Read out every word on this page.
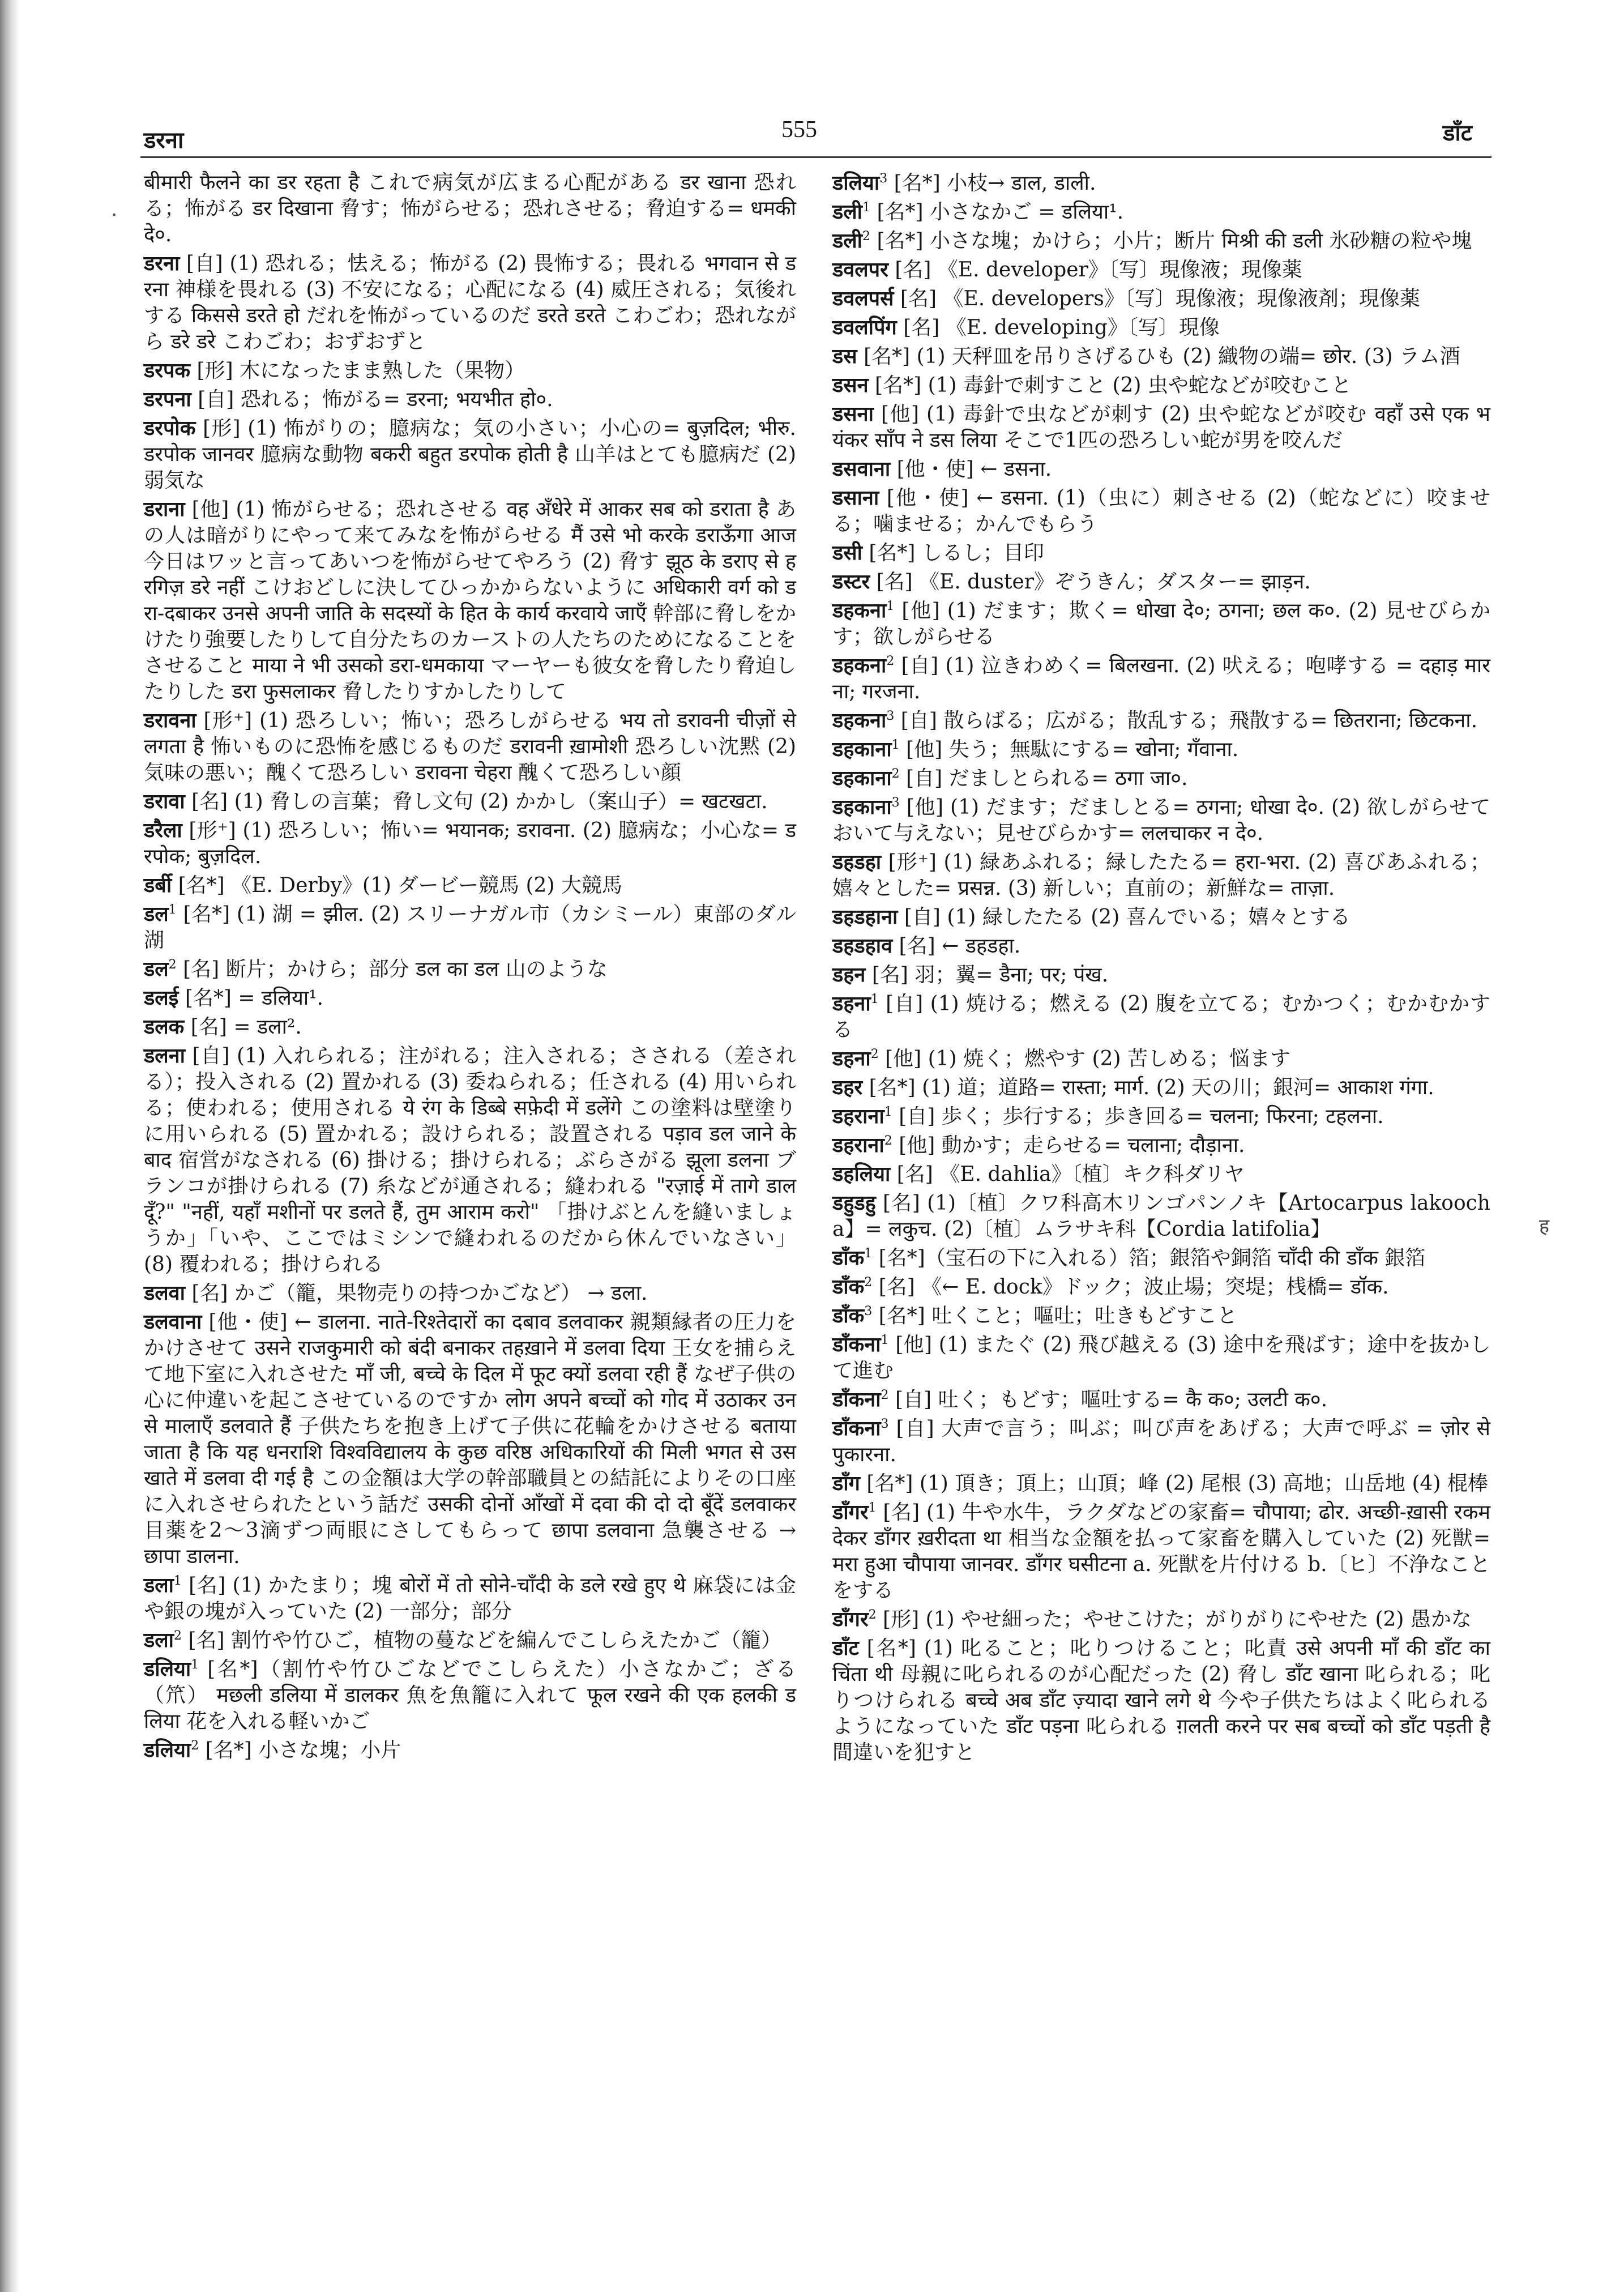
डरना	555	डाँट
·
ह

बीमारी फैलने का डर रहता है これで病気が広まる心配がある डर खाना 恐れる；怖がる डर दिखाना 脅す；怖がらせる；恐れさせる；脅迫する= धमकी दे०.

डरना [自] (1) 恐れる；怯える；怖がる (2) 畏怖する；畏れる भगवान से डरना 神様を畏れる (3) 不安になる；心配になる (4) 威圧される；気後れする किससे डरते हो だれを怖がっているのだ डरते डरते こわごわ；恐れながら डरे डरे こわごわ；おずおずと

डरपक [形] 木になったまま熟した（果物）

डरपना [自] 恐れる；怖がる= डरना; भयभीत हो०.

डरपोक [形] (1) 怖がりの；臆病な；気の小さい；小心の= बुज़दिल; भीरु. डरपोक जानवर 臆病な動物 बकरी बहुत डरपोक होती है 山羊はとても臆病だ (2) 弱気な

डराना [他] (1) 怖がらせる；恐れさせる वह अँधेरे में आकर सब को डराता है あの人は暗がりにやって来てみなを怖がらせる मैं उसे भो करके डराऊँगा आज 今日はワッと言ってあいつを怖がらせてやろう (2) 脅す झूठ के डराए से हरगिज़ डरे नहीं こけおどしに決してひっかからないように अधिकारी वर्ग को डरा-दबाकर उनसे अपनी जाति के सदस्यों के हित के कार्य करवाये जाएँ 幹部に脅しをかけたり強要したりして自分たちのカーストの人たちのためになることをさせること माया ने भी उसको डरा-धमकाया マーヤーも彼女を脅したり脅迫したりした डरा फुसलाकर 脅したりすかしたりして

डरावना [形⁺] (1) 恐ろしい；怖い；恐ろしがらせる भय तो डरावनी चीज़ों से लगता है 怖いものに恐怖を感じるものだ डरावनी ख़ामोशी 恐ろしい沈黙 (2) 気味の悪い；醜くて恐ろしい डरावना चेहरा 醜くて恐ろしい顔

डरावा [名] (1) 脅しの言葉；脅し文句 (2) かかし（案山子）= खटखटा.

डरैला [形⁺] (1) 恐ろしい；怖い= भयानक; डरावना. (2) 臆病な；小心な= डरपोक; बुज़दिल.

डर्बी [名*] 《E. Derby》(1) ダービー競馬 (2) 大競馬

डल$^1$ [名*] (1) 湖 = झील. (2) スリーナガル市（カシミール）東部のダル湖

डल$^2$ [名] 断片；かけら；部分 डल का डल 山のような

डलई [名*] = डलिया¹.

डलक [名] = डला².

डलना [自] (1) 入れられる；注がれる；注入される；さされる（差される）；投入される (2) 置かれる (3) 委ねられる；任される (4) 用いられる；使われる；使用される ये रंग के डिब्बे सफ़ेदी में डलेंगे この塗料は壁塗りに用いられる (5) 置かれる；設けられる；設置される पड़ाव डल जाने के बाद 宿営がなされる (6) 掛ける；掛けられる；ぶらさがる झूला डलना ブランコが掛けられる (7) 糸などが通される；縫われる "रज़ाई में तागे डाल दूँ?" "नहीं, यहाँ मशीनों पर डलते हैं, तुम आराम करो" 「掛けぶとんを縫いましょうか」「いや、ここではミシンで縫われるのだから休んでいなさい」 (8) 覆われる；掛けられる

डलवा [名] かご（籠，果物売りの持つかごなど） → डला.

डलवाना [他・使] ← डालना. नाते-रिश्तेदारों का दबाव डलवाकर 親類縁者の圧力をかけさせて उसने राजकुमारी को बंदी बनाकर तहख़ाने में डलवा दिया 王女を捕らえて地下室に入れさせた माँ जी, बच्चे के दिल में फूट क्यों डलवा रही हैं なぜ子供の心に仲違いを起こさせているのですか लोग अपने बच्चों को गोद में उठाकर उनसे मालाएँ डलवाते हैं 子供たちを抱き上げて子供に花輪をかけさせる बताया जाता है कि यह धनराशि विश्वविद्यालय के कुछ वरिष्ठ अधिकारियों की मिली भगत से उस खाते में डलवा दी गई है この金額は大学の幹部職員との結託によりその口座に入れさせられたという話だ उसकी दोनों आँखों में दवा की दो दो बूँदें डलवाकर 目薬を2〜3滴ずつ両眼にさしてもらって छापा डलवाना 急襲させる → छापा डालना.

डला$^1$ [名] (1) かたまり；塊 बोरों में तो सोने-चाँदी के डले रखे हुए थे 麻袋には金や銀の塊が入っていた (2) 一部分；部分

डला$^2$ [名] 割竹や竹ひご，植物の蔓などを編んでこしらえたかご（籠）

डलिया$^1$ [名*]（割竹や竹ひごなどでこしらえた）小さなかご；ざる（笊） मछली डलिया में डालकर 魚を魚籠に入れて फूल रखने की एक हलकी डलिया 花を入れる軽いかご

डलिया$^2$ [名*] 小さな塊；小片

डलिया$^3$ [名*] 小枝→ डाल, डाली.

डली$^1$ [名*] 小さなかご = डलिया¹.

डली$^2$ [名*] 小さな塊；かけら；小片；断片 मिश्री की डली 氷砂糖の粒や塊

डवलपर [名] 《E. developer》〔写〕現像液；現像薬

डवलपर्स [名] 《E. developers》〔写〕現像液；現像液剤；現像薬

डवलपिंग [名] 《E. developing》〔写〕現像

डस [名*] (1) 天秤皿を吊りさげるひも (2) 織物の端= छोर. (3) ラム酒

डसन [名*] (1) 毒針で刺すこと (2) 虫や蛇などが咬むこと

डसना [他] (1) 毒針で虫などが刺す (2) 虫や蛇などが咬む वहाँ उसे एक भयंकर साँप ने डस लिया そこで1匹の恐ろしい蛇が男を咬んだ

डसवाना [他・使] ← डसना.

डसाना [他・使] ← डसना. (1)（虫に）刺させる (2)（蛇などに）咬ませる；噛ませる；かんでもらう

डसी [名*] しるし；目印

डस्टर [名] 《E. duster》ぞうきん；ダスター= झाड़न.

डहकना$^1$ [他] (1) だます；欺く= धोखा दे०; ठगना; छल क०. (2) 見せびらかす；欲しがらせる

डहकना$^2$ [自] (1) 泣きわめく= बिलखना. (2) 吠える；咆哮する = दहाड़ मारना; गरजना.

डहकना$^3$ [自] 散らばる；広がる；散乱する；飛散する= छितराना; छिटकना.

डहकाना$^1$ [他] 失う；無駄にする= खोना; गँवाना.

डहकाना$^2$ [自] だましとられる= ठगा जा०.

डहकाना$^3$ [他] (1) だます；だましとる= ठगना; धोखा दे०. (2) 欲しがらせておいて与えない；見せびらかす= ललचाकर न दे०.

डहडहा [形⁺] (1) 緑あふれる；緑したたる= हरा-भरा. (2) 喜びあふれる；嬉々とした= प्रसन्न. (3) 新しい；直前の；新鮮な= ताज़ा.

डहडहाना [自] (1) 緑したたる (2) 喜んでいる；嬉々とする

डहडहाव [名] ← डहडहा.

डहन [名] 羽；翼= डैना; पर; पंख.

डहना$^1$ [自] (1) 焼ける；燃える (2) 腹を立てる；むかつく；むかむかする

डहना$^2$ [他] (1) 焼く；燃やす (2) 苦しめる；悩ます

डहर [名*] (1) 道；道路= रास्ता; मार्ग. (2) 天の川；銀河= आकाश गंगा.

डहराना$^1$ [自] 歩く；歩行する；歩き回る= चलना; फिरना; टहलना.

डहराना$^2$ [他] 動かす；走らせる= चलाना; दौड़ाना.

डहलिया [名] 《E. dahlia》〔植〕キク科ダリヤ

डहुडहु [名] (1)〔植〕クワ科高木リンゴパンノキ【Artocarpus lakoocha】= लकुच. (2)〔植〕ムラサキ科【Cordia latifolia】

डाँक$^1$ [名*]（宝石の下に入れる）箔；銀箔や銅箔 चाँदी की डाँक 銀箔

डाँक$^2$ [名] 《← E. dock》ドック；波止場；突堤；桟橋= डॉक.

डाँक$^3$ [名*] 吐くこと；嘔吐；吐きもどすこと

डाँकना$^1$ [他] (1) またぐ (2) 飛び越える (3) 途中を飛ばす；途中を抜かして進む

डाँकना$^2$ [自] 吐く；もどす；嘔吐する= कै क०; उलटी क०.

डाँकना$^3$ [自] 大声で言う；叫ぶ；叫び声をあげる；大声で呼ぶ = ज़ोर से पुकारना.

डाँग [名*] (1) 頂き；頂上；山頂；峰 (2) 尾根 (3) 高地；山岳地 (4) 棍棒

डाँगर$^1$ [名] (1) 牛や水牛，ラクダなどの家畜= चौपाया; ढोर. अच्छी-ख़ासी रकम देकर डाँगर ख़रीदता था 相当な金額を払って家畜を購入していた (2) 死獣= मरा हुआ चौपाया जानवर. डाँगर घसीटना a. 死獣を片付ける b.〔ヒ〕不浄なことをする

डाँगर$^2$ [形] (1) やせ細った；やせこけた；がりがりにやせた (2) 愚かな

डाँट [名*] (1) 叱ること；叱りつけること；叱責 उसे अपनी माँ की डाँट का चिंता थी 母親に叱られるのが心配だった (2) 脅し डाँट खाना 叱られる；叱りつけられる बच्चे अब डाँट ज़्यादा खाने लगे थे 今や子供たちはよく叱られるようになっていた डाँट पड़ना 叱られる ग़लती करने पर सब बच्चों को डाँट पड़ती है 間違いを犯すと
